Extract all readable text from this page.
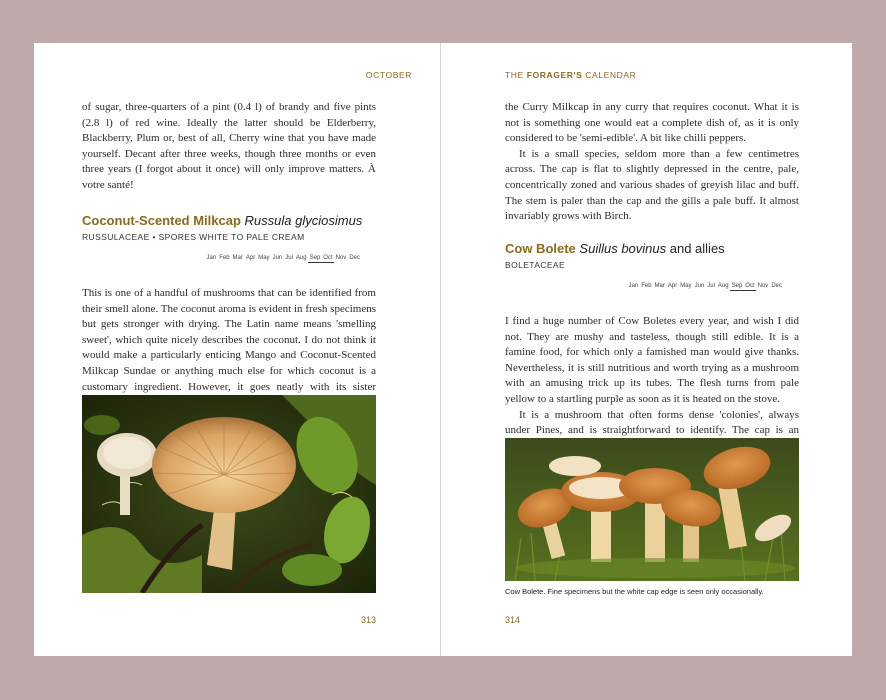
OCTOBER

of sugar, three-quarters of a pint (0.4 l) of brandy and five pints (2.8 l) of red wine. Ideally the latter should be Elderberry, Blackberry, Plum or, best of all, Cherry wine that you have made yourself. Decant after three weeks, though three months or even three years (I forgot about it once) will only improve matters. À votre santé!

Coconut-Scented Milkcap Russula glyciosimus
RUSSULACEAE • SPORES WHITE TO PALE CREAM
Jan Feb Mar Apr May Jun Jul Aug Sep Oct Nov Dec

This is one of a handful of mushrooms that can be identified from their smell alone. The coconut aroma is evident in fresh specimens but gets stronger with drying. The Latin name means 'smelling sweet', which quite nicely describes the coconut. I do not think it would make a particularly enticing Mango and Coconut-Scented Milkcap Sundae or anything much else for which coconut is a customary ingredient. However, it goes neatly with its sister

313
THE FORAGER'S CALENDAR

the Curry Milkcap in any curry that requires coconut. What it is not is something one would eat a complete dish of, as it is only considered to be 'semi-edible'. A bit like chilli peppers.

It is a small species, seldom more than a few centimetres across. The cap is flat to slightly depressed in the centre, pale, concentrically zoned and various shades of greyish lilac and buff. The stem is paler than the cap and the gills a pale buff. It almost invariably grows with Birch.

Cow Bolete Suillus bovinus and allies
BOLETACEAE
Jan Feb Mar Apr May Jun Jul Aug Sep Oct Nov Dec

I find a huge number of Cow Boletes every year, and wish I did not. They are mushy and tasteless, though still edible. It is a famine food, for which only a famished man would give thanks. Nevertheless, it is still nutritious and worth trying as a mushroom with an amusing trick up its tubes. The flesh turns from pale yellow to a startling purple as soon as it is heated on the stove.

It is a mushroom that often forms dense 'colonies', always under Pines, and is straightforward to identify. The cap is an

Cow Bolete. Fine specimens but the white cap edge is seen only occasionally.
314
